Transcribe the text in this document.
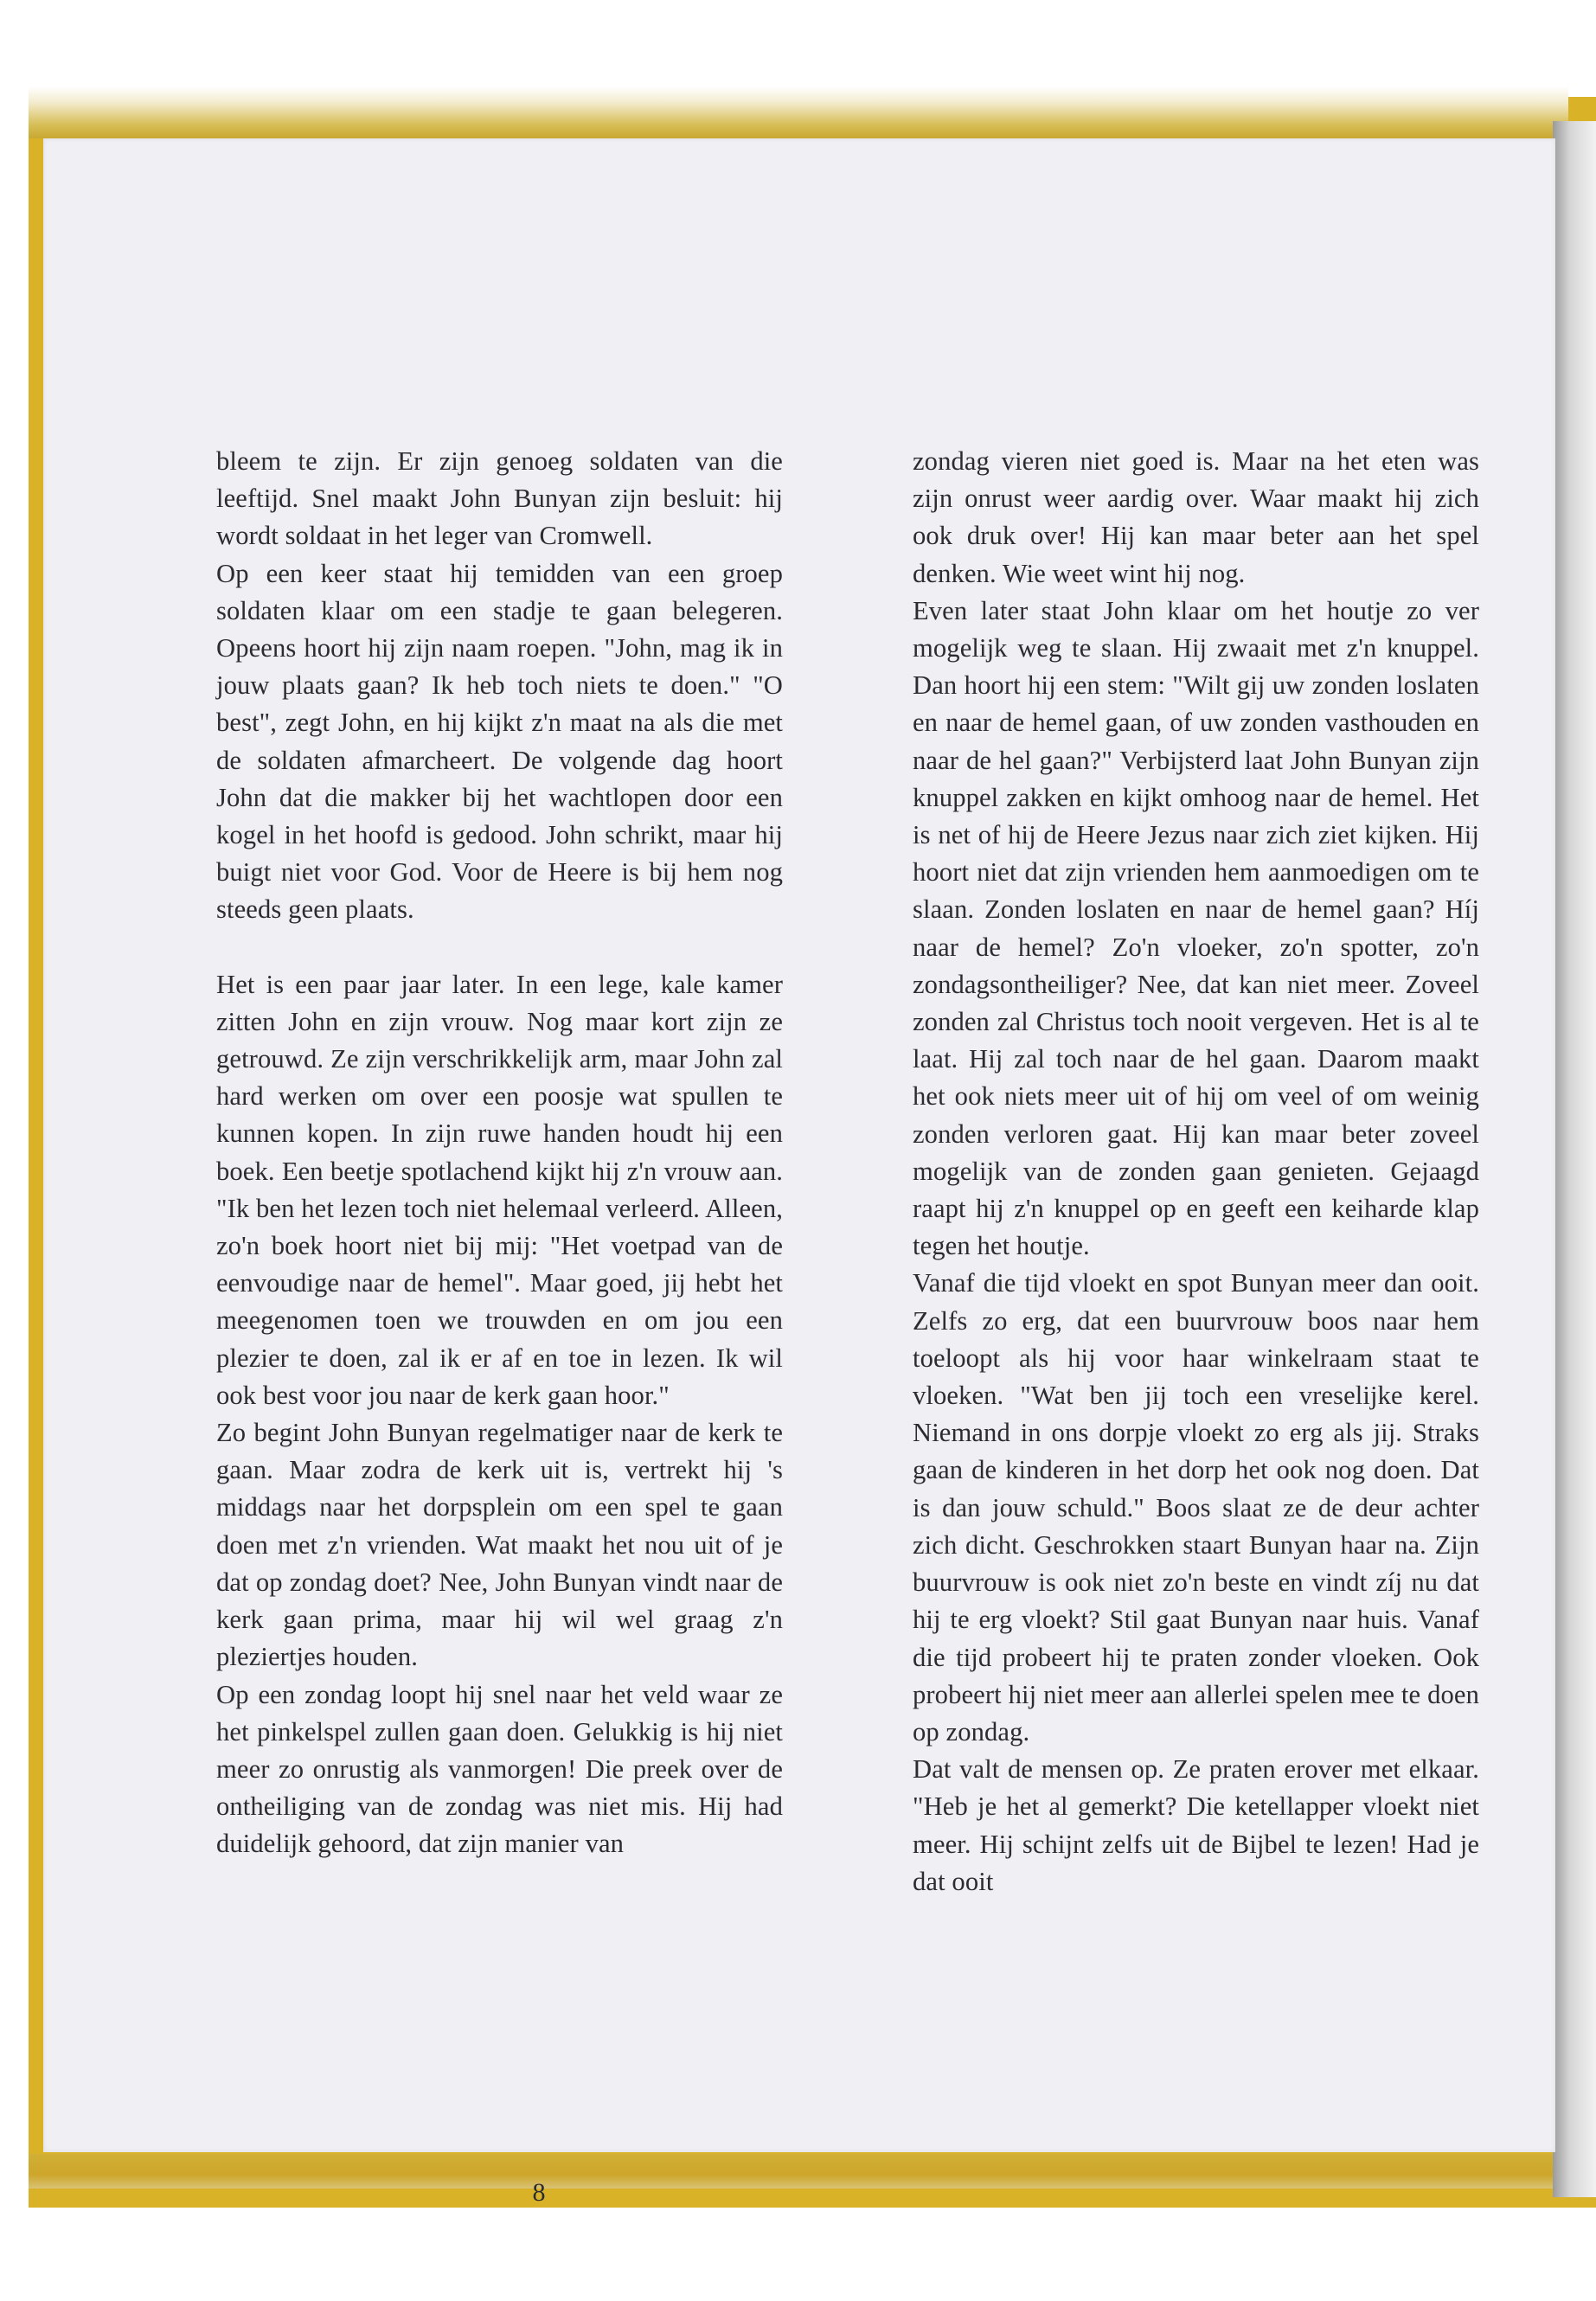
bleem te zijn. Er zijn genoeg soldaten van die leeftijd. Snel maakt John Bunyan zijn besluit: hij wordt soldaat in het leger van Cromwell.

Op een keer staat hij temidden van een groep soldaten klaar om een stadje te gaan belegeren. Opeens hoort hij zijn naam roepen. "John, mag ik in jouw plaats gaan? Ik heb toch niets te doen." "O best", zegt John, en hij kijkt z'n maat na als die met de soldaten afmarcheert. De volgende dag hoort John dat die makker bij het wachtlopen door een kogel in het hoofd is gedood. John schrikt, maar hij buigt niet voor God. Voor de Heere is bij hem nog steeds geen plaats.

Het is een paar jaar later. In een lege, kale kamer zitten John en zijn vrouw. Nog maar kort zijn ze getrouwd. Ze zijn verschrikkelijk arm, maar John zal hard werken om over een poosje wat spullen te kunnen kopen. In zijn ruwe handen houdt hij een boek. Een beetje spotlachend kijkt hij z'n vrouw aan. "Ik ben het lezen toch niet helemaal verleerd. Alleen, zo'n boek hoort niet bij mij: "Het voetpad van de eenvoudige naar de hemel". Maar goed, jij hebt het meegenomen toen we trouwden en om jou een plezier te doen, zal ik er af en toe in lezen. Ik wil ook best voor jou naar de kerk gaan hoor."

Zo begint John Bunyan regelmatiger naar de kerk te gaan. Maar zodra de kerk uit is, vertrekt hij 's middags naar het dorpsplein om een spel te gaan doen met z'n vrienden. Wat maakt het nou uit of je dat op zondag doet? Nee, John Bunyan vindt naar de kerk gaan prima, maar hij wil wel graag z'n pleziertjes houden.

Op een zondag loopt hij snel naar het veld waar ze het pinkelspel zullen gaan doen. Gelukkig is hij niet meer zo onrustig als vanmorgen! Die preek over de ontheiliging van de zondag was niet mis. Hij had duidelijk gehoord, dat zijn manier van

zondag vieren niet goed is. Maar na het eten was zijn onrust weer aardig over. Waar maakt hij zich ook druk over! Hij kan maar beter aan het spel denken. Wie weet wint hij nog.

Even later staat John klaar om het houtje zo ver mogelijk weg te slaan. Hij zwaait met z'n knuppel. Dan hoort hij een stem: "Wilt gij uw zonden loslaten en naar de hemel gaan, of uw zonden vasthouden en naar de hel gaan?" Verbijsterd laat John Bunyan zijn knuppel zakken en kijkt omhoog naar de hemel. Het is net of hij de Heere Jezus naar zich ziet kijken. Hij hoort niet dat zijn vrienden hem aanmoedigen om te slaan. Zonden loslaten en naar de hemel gaan? Híj naar de hemel? Zo'n vloeker, zo'n spotter, zo'n zondagsontheiliger? Nee, dat kan niet meer. Zoveel zonden zal Christus toch nooit vergeven. Het is al te laat. Hij zal toch naar de hel gaan. Daarom maakt het ook niets meer uit of hij om veel of om weinig zonden verloren gaat. Hij kan maar beter zoveel mogelijk van de zonden gaan genieten. Gejaagd raapt hij z'n knuppel op en geeft een keiharde klap tegen het houtje.

Vanaf die tijd vloekt en spot Bunyan meer dan ooit. Zelfs zo erg, dat een buurvrouw boos naar hem toeloopt als hij voor haar winkelraam staat te vloeken. "Wat ben jij toch een vreselijke kerel. Niemand in ons dorpje vloekt zo erg als jij. Straks gaan de kinderen in het dorp het ook nog doen. Dat is dan jouw schuld." Boos slaat ze de deur achter zich dicht. Geschrokken staart Bunyan haar na. Zijn buurvrouw is ook niet zo'n beste en vindt zíj nu dat hij te erg vloekt? Stil gaat Bunyan naar huis. Vanaf die tijd probeert hij te praten zonder vloeken. Ook probeert hij niet meer aan allerlei spelen mee te doen op zondag.

Dat valt de mensen op. Ze praten erover met elkaar. "Heb je het al gemerkt? Die ketellapper vloekt niet meer. Hij schijnt zelfs uit de Bijbel te lezen! Had je dat ooit

8
